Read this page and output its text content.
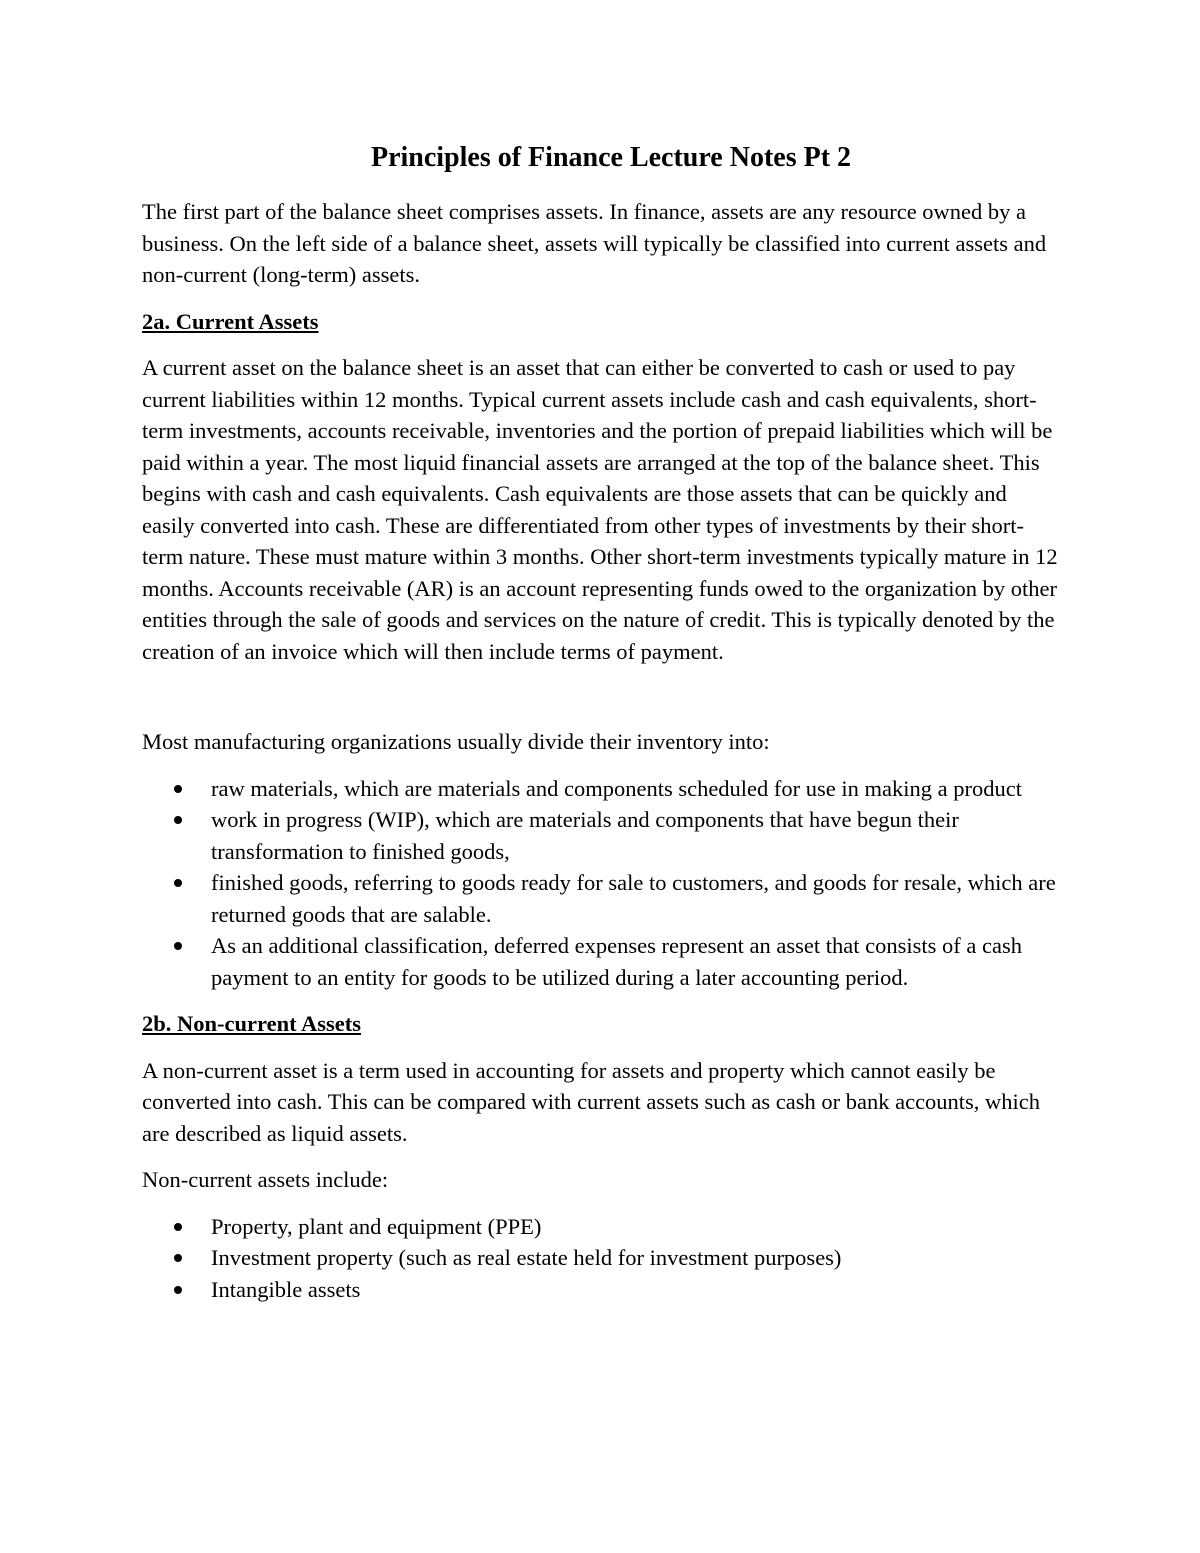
Principles of Finance Lecture Notes Pt 2

The first part of the balance sheet comprises assets. In finance, assets are any resource owned by a business. On the left side of a balance sheet, assets will typically be classified into current assets and non-current (long-term) assets.

2a. Current Assets

A current asset on the balance sheet is an asset that can either be converted to cash or used to pay current liabilities within 12 months. Typical current assets include cash and cash equivalents, short-term investments, accounts receivable, inventories and the portion of prepaid liabilities which will be paid within a year. The most liquid financial assets are arranged at the top of the balance sheet. This begins with cash and cash equivalents. Cash equivalents are those assets that can be quickly and easily converted into cash. These are differentiated from other types of investments by their short-term nature. These must mature within 3 months. Other short-term investments typically mature in 12 months. Accounts receivable (AR) is an account representing funds owed to the organization by other entities through the sale of goods and services on the nature of credit. This is typically denoted by the creation of an invoice which will then include terms of payment.

Most manufacturing organizations usually divide their inventory into:

raw materials, which are materials and components scheduled for use in making a product
work in progress (WIP), which are materials and components that have begun their transformation to finished goods,
finished goods, referring to goods ready for sale to customers, and goods for resale, which are returned goods that are salable.
As an additional classification, deferred expenses represent an asset that consists of a cash payment to an entity for goods to be utilized during a later accounting period.

2b. Non-current Assets

A non-current asset is a term used in accounting for assets and property which cannot easily be converted into cash. This can be compared with current assets such as cash or bank accounts, which are described as liquid assets.

Non-current assets include:

Property, plant and equipment (PPE)
Investment property (such as real estate held for investment purposes)
Intangible assets
